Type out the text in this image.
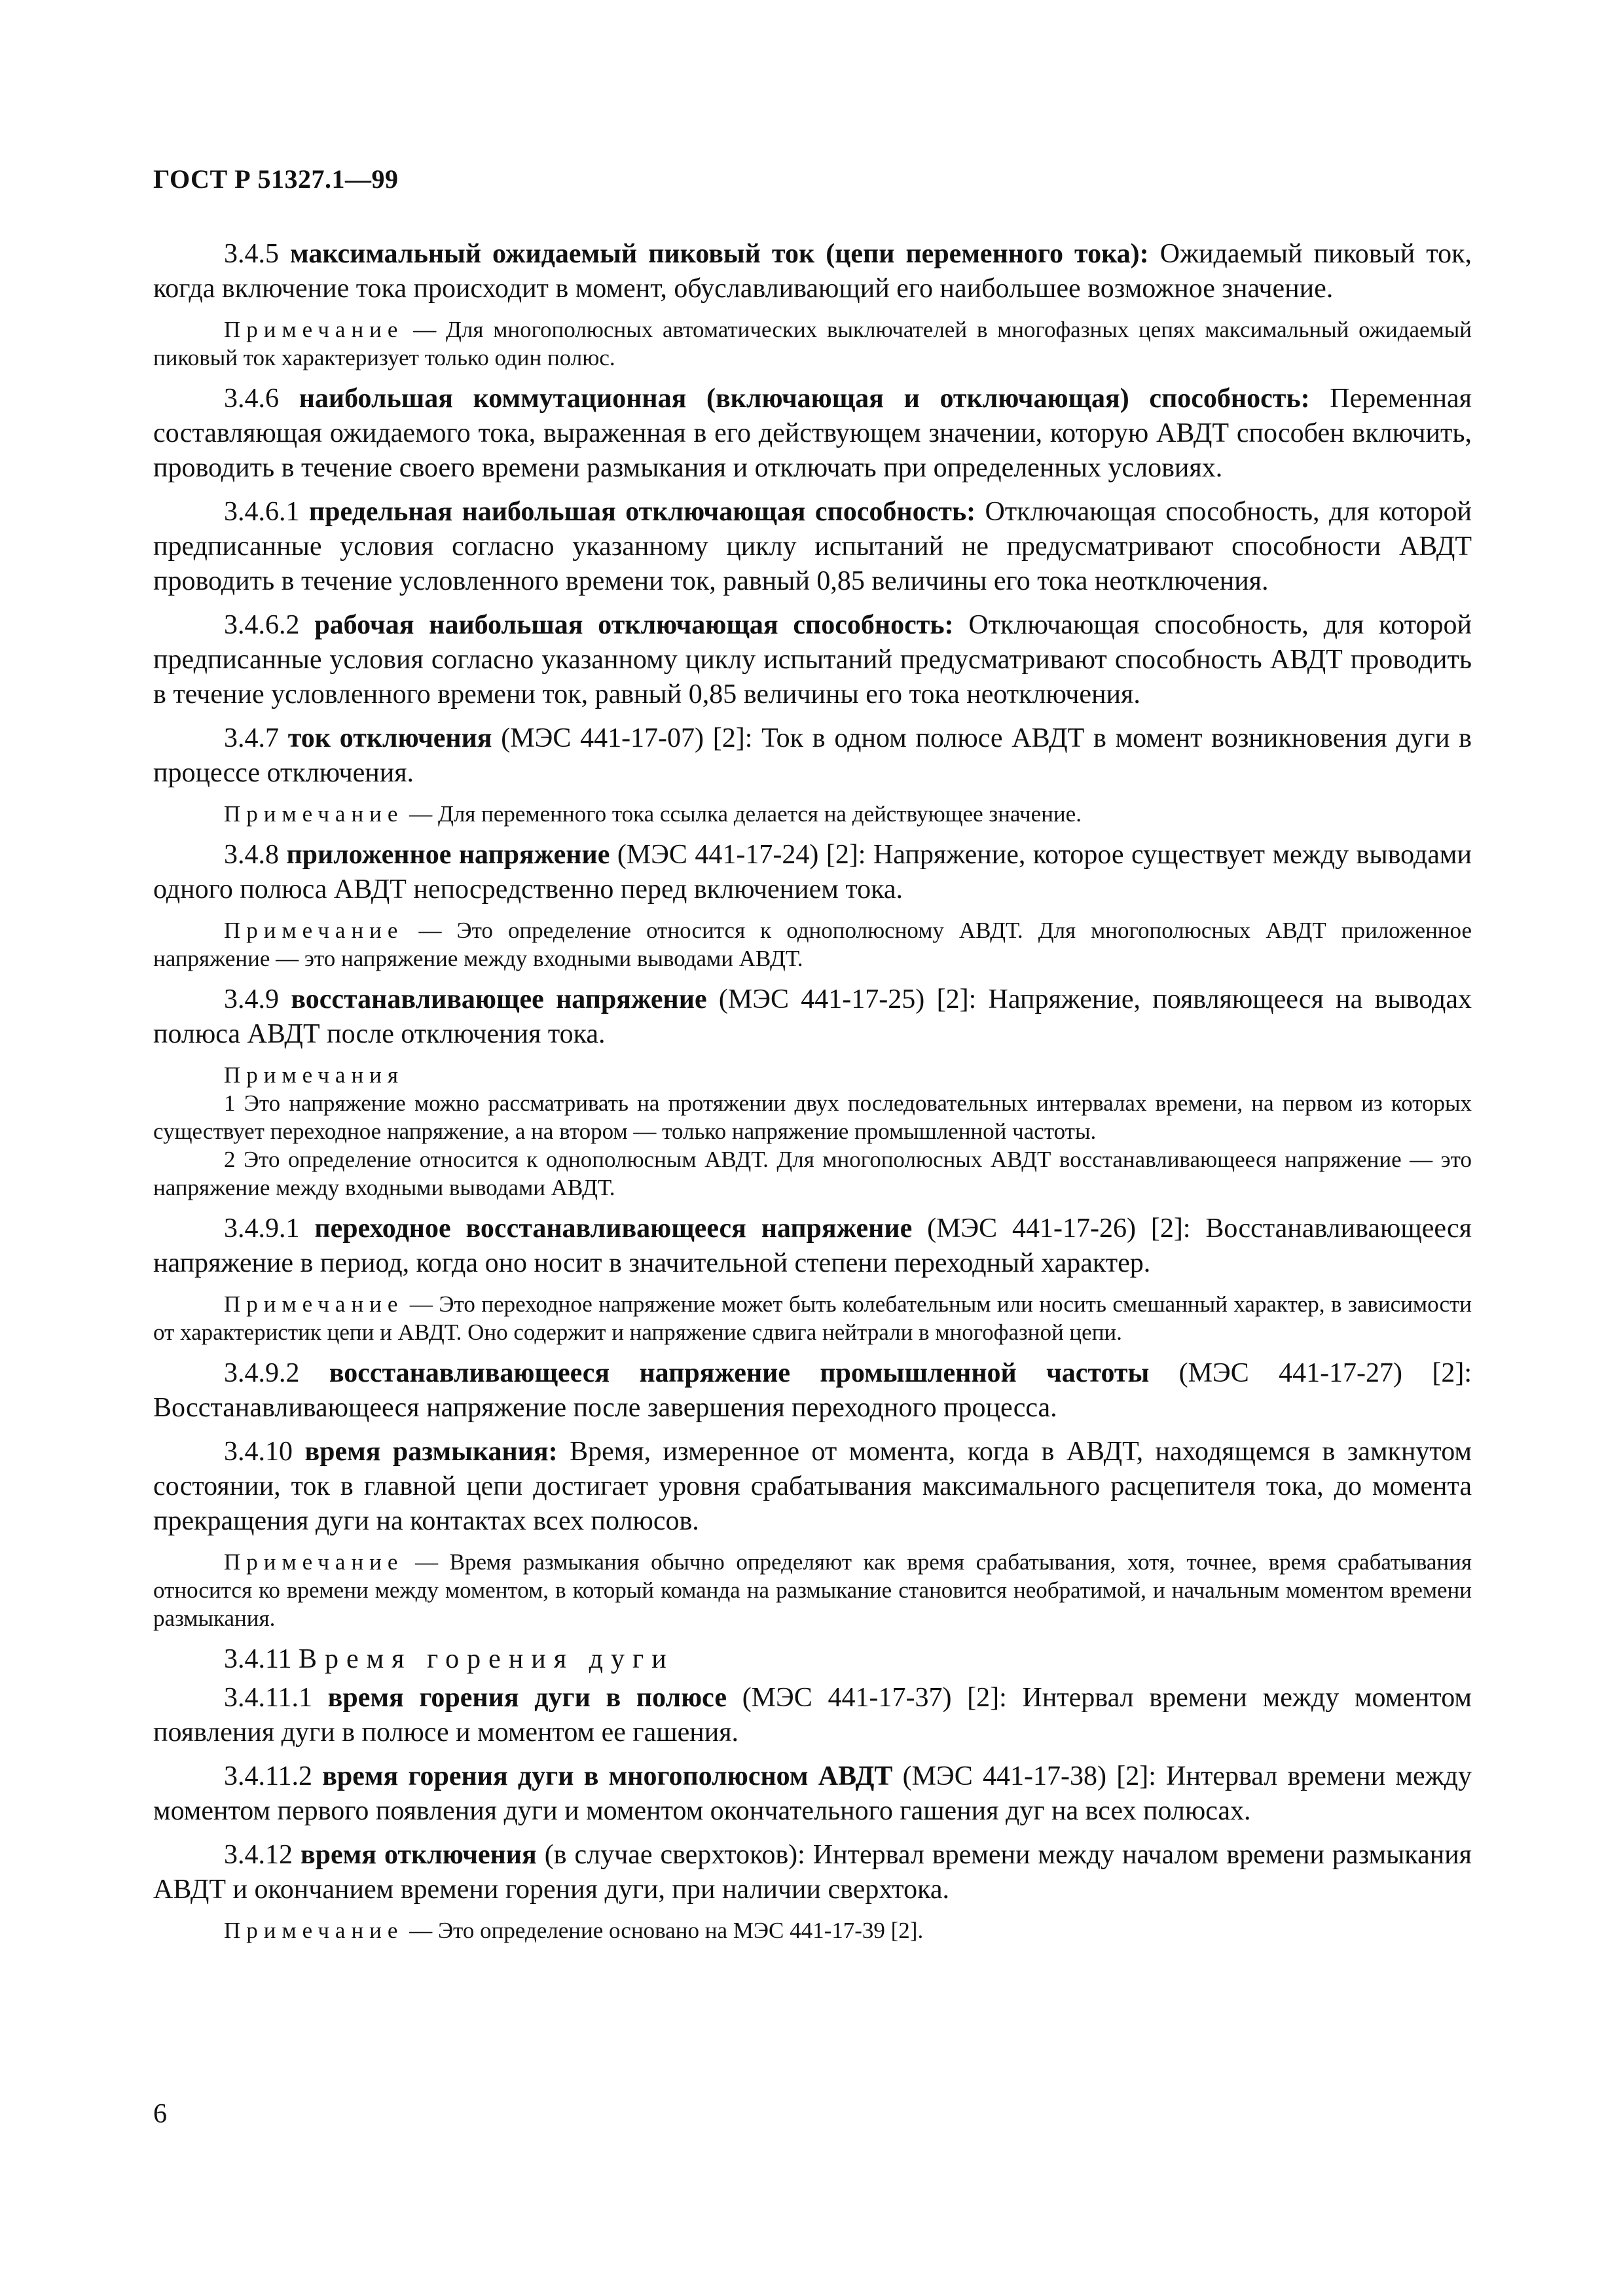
ГОСТ Р 51327.1—99

3.4.5 максимальный ожидаемый пиковый ток (цепи переменного тока): Ожидаемый пиковый ток, когда включение тока происходит в момент, обуславливающий его наибольшее возможное значение.

Примечание — Для многополюсных автоматических выключателей в многофазных цепях максимальный ожидаемый пиковый ток характеризует только один полюс.

3.4.6 наибольшая коммутационная (включающая и отключающая) способность: Переменная составляющая ожидаемого тока, выраженная в его действующем значении, которую АВДТ способен включить, проводить в течение своего времени размыкания и отключать при определенных условиях.

3.4.6.1 предельная наибольшая отключающая способность: Отключающая способность, для которой предписанные условия согласно указанному циклу испытаний не предусматривают способности АВДТ проводить в течение условленного времени ток, равный 0,85 величины его тока неотключения.

3.4.6.2 рабочая наибольшая отключающая способность: Отключающая способность, для которой предписанные условия согласно указанному циклу испытаний предусматривают способность АВДТ проводить в течение условленного времени ток, равный 0,85 величины его тока неотключения.

3.4.7 ток отключения (МЭС 441-17-07) [2]: Ток в одном полюсе АВДТ в момент возникновения дуги в процессе отключения.

Примечание — Для переменного тока ссылка делается на действующее значение.

3.4.8 приложенное напряжение (МЭС 441-17-24) [2]: Напряжение, которое существует между выводами одного полюса АВДТ непосредственно перед включением тока.

Примечание — Это определение относится к однополюсному АВДТ. Для многополюсных АВДТ приложенное напряжение — это напряжение между входными выводами АВДТ.

3.4.9 восстанавливающее напряжение (МЭС 441-17-25) [2]: Напряжение, появляющееся на выводах полюса АВДТ после отключения тока.

Примечания

1 Это напряжение можно рассматривать на протяжении двух последовательных интервалах времени, на первом из которых существует переходное напряжение, а на втором — только напряжение промышленной частоты.

2 Это определение относится к однополюсным АВДТ. Для многополюсных АВДТ восстанавливающееся напряжение — это напряжение между входными выводами АВДТ.

3.4.9.1 переходное восстанавливающееся напряжение (МЭС 441-17-26) [2]: Восстанавливающееся напряжение в период, когда оно носит в значительной степени переходный характер.

Примечание — Это переходное напряжение может быть колебательным или носить смешанный характер, в зависимости от характеристик цепи и АВДТ. Оно содержит и напряжение сдвига нейтрали в многофазной цепи.

3.4.9.2 восстанавливающееся напряжение промышленной частоты (МЭС 441-17-27) [2]: Восстанавливающееся напряжение после завершения переходного процесса.

3.4.10 время размыкания: Время, измеренное от момента, когда в АВДТ, находящемся в замкнутом состоянии, ток в главной цепи достигает уровня срабатывания максимального расцепителя тока, до момента прекращения дуги на контактах всех полюсов.

Примечание — Время размыкания обычно определяют как время срабатывания, хотя, точнее, время срабатывания относится ко времени между моментом, в который команда на размыкание становится необратимой, и начальным моментом времени размыкания.

3.4.11 Время горения дуги

3.4.11.1 время горения дуги в полюсе (МЭС 441-17-37) [2]: Интервал времени между моментом появления дуги в полюсе и моментом ее гашения.

3.4.11.2 время горения дуги в многополюсном АВДТ (МЭС 441-17-38) [2]: Интервал времени между моментом первого появления дуги и моментом окончательного гашения дуг на всех полюсах.

3.4.12 время отключения (в случае сверхтоков): Интервал времени между началом времени размыкания АВДТ и окончанием времени горения дуги, при наличии сверхтока.

Примечание — Это определение основано на МЭС 441-17-39 [2].

6
